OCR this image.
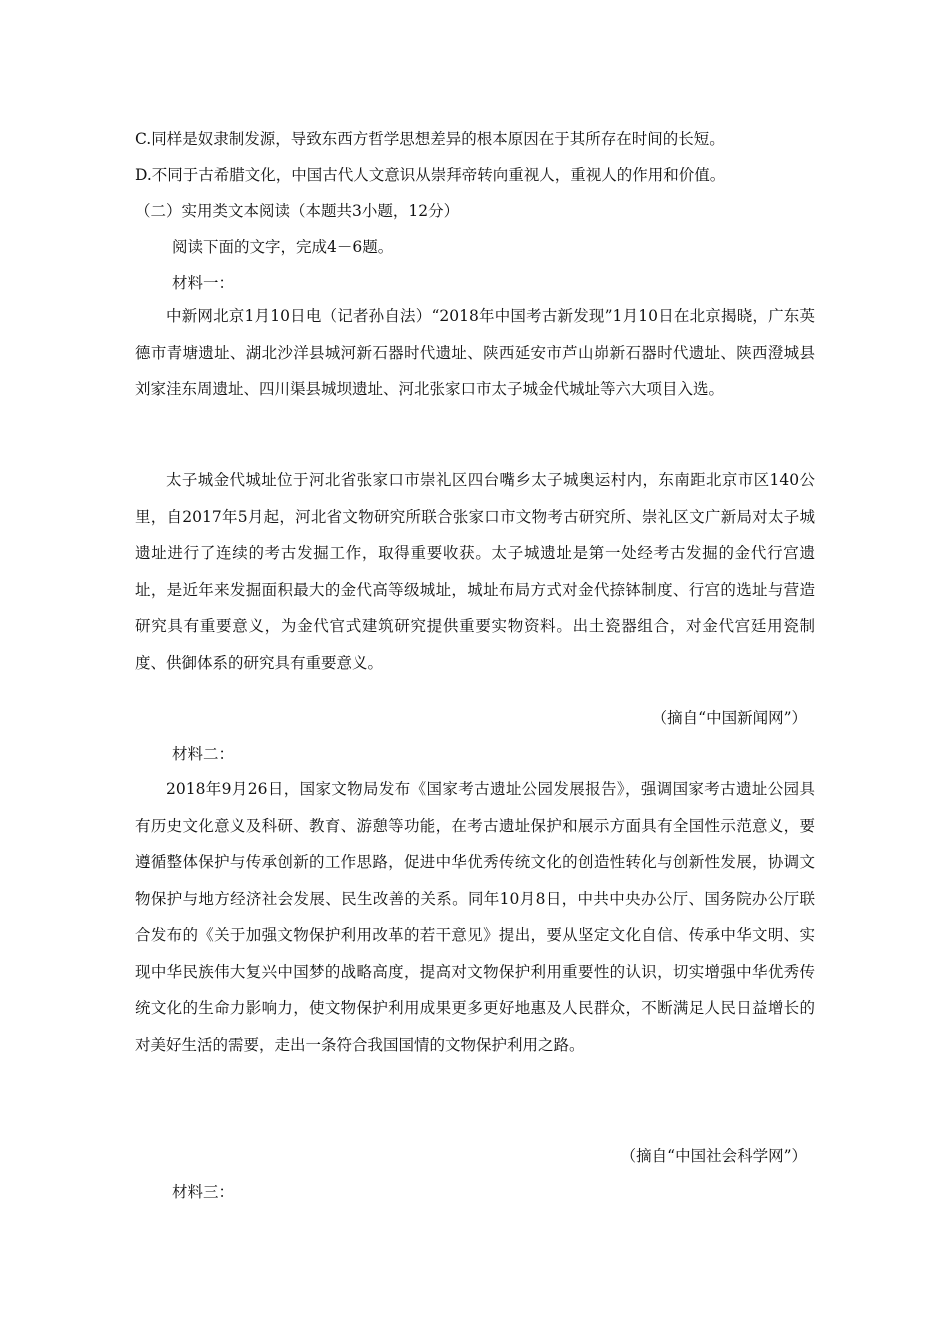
C.同样是奴隶制发源，导致东西方哲学思想差异的根本原因在于其所存在时间的长短。
D.不同于古希腊文化，中国古代人文意识从崇拜帝转向重视人，重视人的作用和价值。
（二）实用类文本阅读（本题共3小题，12分）
阅读下面的文字，完成4－6题。
材料一：
中新网北京1月10日电（记者孙自法）“2018年中国考古新发现”1月10日在北京揭晓，广东英德市青塘遗址、湖北沙洋县城河新石器时代遗址、陕西延安市芦山峁新石器时代遗址、陕西澄城县刘家洼东周遗址、四川渠县城坝遗址、河北张家口市太子城金代城址等六大项目入选。
太子城金代城址位于河北省张家口市崇礼区四台嘴乡太子城奥运村内，东南距北京市区140公里，自2017年5月起，河北省文物研究所联合张家口市文物考古研究所、崇礼区文广新局对太子城遗址进行了连续的考古发掘工作，取得重要收获。太子城遗址是第一处经考古发掘的金代行宫遗址，是近年来发掘面积最大的金代高等级城址，城址布局方式对金代捺钵制度、行宫的选址与营造研究具有重要意义，为金代官式建筑研究提供重要实物资料。出土瓷器组合，对金代宫廷用瓷制度、供御体系的研究具有重要意义。
（摘自“中国新闻网”）
材料二：
2018年9月26日，国家文物局发布《国家考古遗址公园发展报告》，强调国家考古遗址公园具有历史文化意义及科研、教育、游憩等功能，在考古遗址保护和展示方面具有全国性示范意义，要遵循整体保护与传承创新的工作思路，促进中华优秀传统文化的创造性转化与创新性发展，协调文物保护与地方经济社会发展、民生改善的关系。同年10月8日，中共中央办公厅、国务院办公厅联合发布的《关于加强文物保护利用改革的若干意见》提出，要从坚定文化自信、传承中华文明、实现中华民族伟大复兴中国梦的战略高度，提高对文物保护利用重要性的认识，切实增强中华优秀传统文化的生命力影响力，使文物保护利用成果更多更好地惠及人民群众，不断满足人民日益增长的对美好生活的需要，走出一条符合我国国情的文物保护利用之路。
（摘自“中国社会科学网”）
材料三：
